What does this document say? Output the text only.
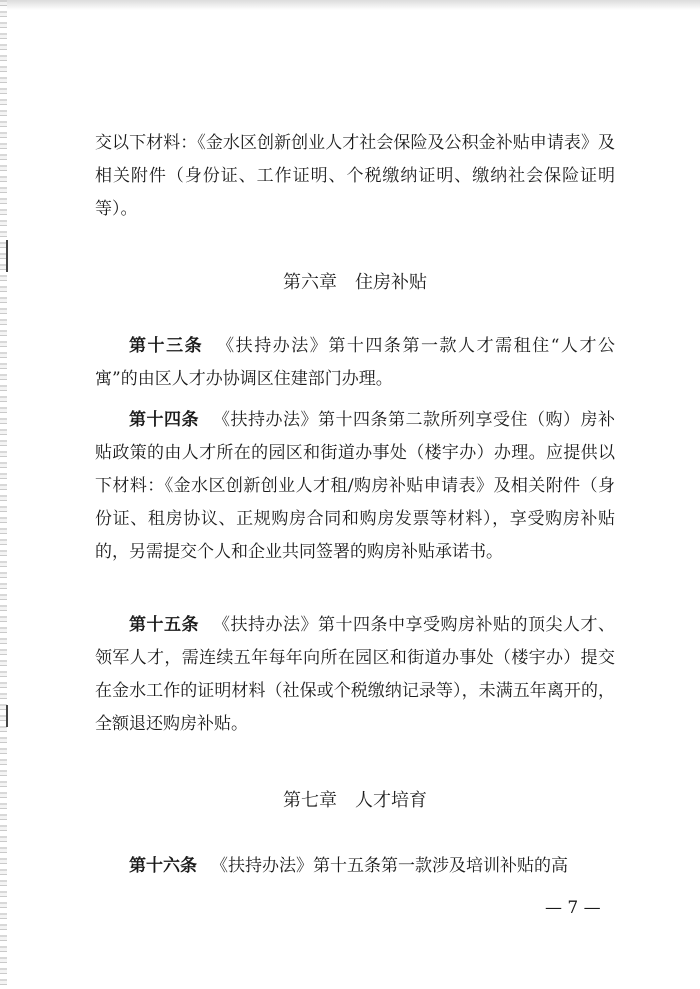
交以下材料：《金水区创新创业人才社会保险及公积金补贴申请表》及相关附件（身份证、工作证明、个税缴纳证明、缴纳社会保险证明等）。

第六章　住房补贴

第十三条 《扶持办法》第十四条第一款人才需租住“人才公寓”的由区人才办协调区住建部门办理。

第十四条 《扶持办法》第十四条第二款所列享受住（购）房补贴政策的由人才所在的园区和街道办事处（楼宇办）办理。应提供以下材料：《金水区创新创业人才租/购房补贴申请表》及相关附件（身份证、租房协议、正规购房合同和购房发票等材料），享受购房补贴的，另需提交个人和企业共同签署的购房补贴承诺书。

第十五条 《扶持办法》第十四条中享受购房补贴的顶尖人才、领军人才，需连续五年每年向所在园区和街道办事处（楼宇办）提交在金水工作的证明材料（社保或个税缴纳记录等），未满五年离开的，全额退还购房补贴。

第七章　人才培育

第十六条 《扶持办法》第十五条第一款涉及培训补贴的高

— 7 —
